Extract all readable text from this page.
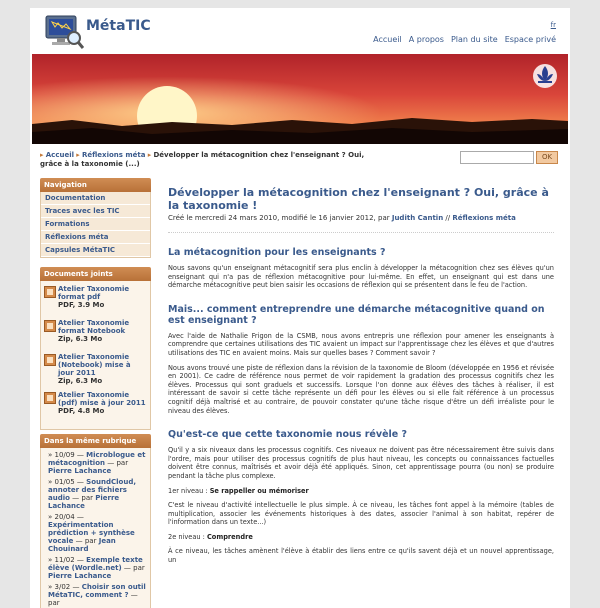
MétaTIC	fr
Accueil A propos Plan du site Espace privé
▸ Accueil ▸ Réflexions méta ▸ Développer la métacognition chez l'enseignant ? Oui, grâce à la taxonomie (...)
OK
Navigation
Documentation
Traces avec les TIC
Formations
Réflexions méta
Capsules MétaTIC
Documents joints
Atelier Taxonomie format pdf
PDF, 3.9 Mo
Atelier Taxonomie format Notebook
Zip, 6.3 Mo
Atelier Taxonomie (Notebook) mise à jour 2011
Zip, 6.3 Mo
Atelier Taxonomie (pdf) mise à jour 2011
PDF, 4.8 Mo
Dans la même rubrique
» 10/09 — Microblogue et métacognition — par Pierre Lachance
» 01/05 — SoundCloud, annoter des fichiers audio — par Pierre Lachance
» 20/04 — Expérimentation prédiction + synthèse vocale — par Jean Chouinard
» 11/02 — Exemple texte élève (Wordle.net) — par Pierre Lachance
» 3/02 — Choisir son outil MétaTIC, comment ? — par
Développer la métacognition chez l'enseignant ? Oui, grâce à la taxonomie !
Créé le mercredi 24 mars 2010, modifié le 16 janvier 2012, par Judith Cantin // Réflexions méta
La métacognition pour les enseignants ?
Nous savons qu'un enseignant métacognitif sera plus enclin à développer la métacognition chez ses élèves qu'un enseignant qui n'a pas de réflexion métacognitive pour lui-même. En effet, un enseignant qui est dans une démarche métacognitive peut bien saisir les occasions de réflexion qui se présentent dans le feu de l'action.
Mais... comment entreprendre une démarche métacognitive quand on est enseignant ?
Avec l'aide de Nathalie Frigon de la CSMB, nous avons entrepris une réflexion pour amener les enseignants à comprendre que certaines utilisations des TIC avaient un impact sur l'apprentissage chez les élèves et que d'autres utilisations des TIC en avaient moins. Mais sur quelles bases ? Comment savoir ?
Nous avons trouvé une piste de réflexion dans la révision de la taxonomie de Bloom (développée en 1956 et révisée en 2001). Ce cadre de référence nous permet de voir rapidement la gradation des processus cognitifs chez les élèves. Processus qui sont graduels et successifs. Lorsque l'on donne aux élèves des tâches à réaliser, il est intéressant de savoir si cette tâche représente un défi pour les élèves ou si elle fait référence à un processus cognitif déjà maîtrisé et au contraire, de pouvoir constater qu'une tâche risque d'être un défi irréaliste pour le niveau des élèves.
Qu'est-ce que cette taxonomie nous révèle ?
Qu'il y a six niveaux dans les processus cognitifs. Ces niveaux ne doivent pas être nécessairement être suivis dans l'ordre, mais pour utiliser des processus cognitifs de plus haut niveau, les concepts ou connaissances factuelles doivent être connus, maîtrisés et avoir déjà été appliqués. Sinon, cet apprentissage pourra (ou non) se produire pendant la tâche plus complexe.
1er niveau : Se rappeller ou mémoriser
C'est le niveau d'activité intellectuelle le plus simple. À ce niveau, les tâches font appel à la mémoire (tables de multiplication, associer les événements historiques à des dates, associer l'animal à son habitat, repérer de l'information dans un texte...)
2e niveau : Comprendre
À ce niveau, les tâches amènent l'élève à établir des liens entre ce qu'ils savent déjà et un nouvel apprentissage, un
